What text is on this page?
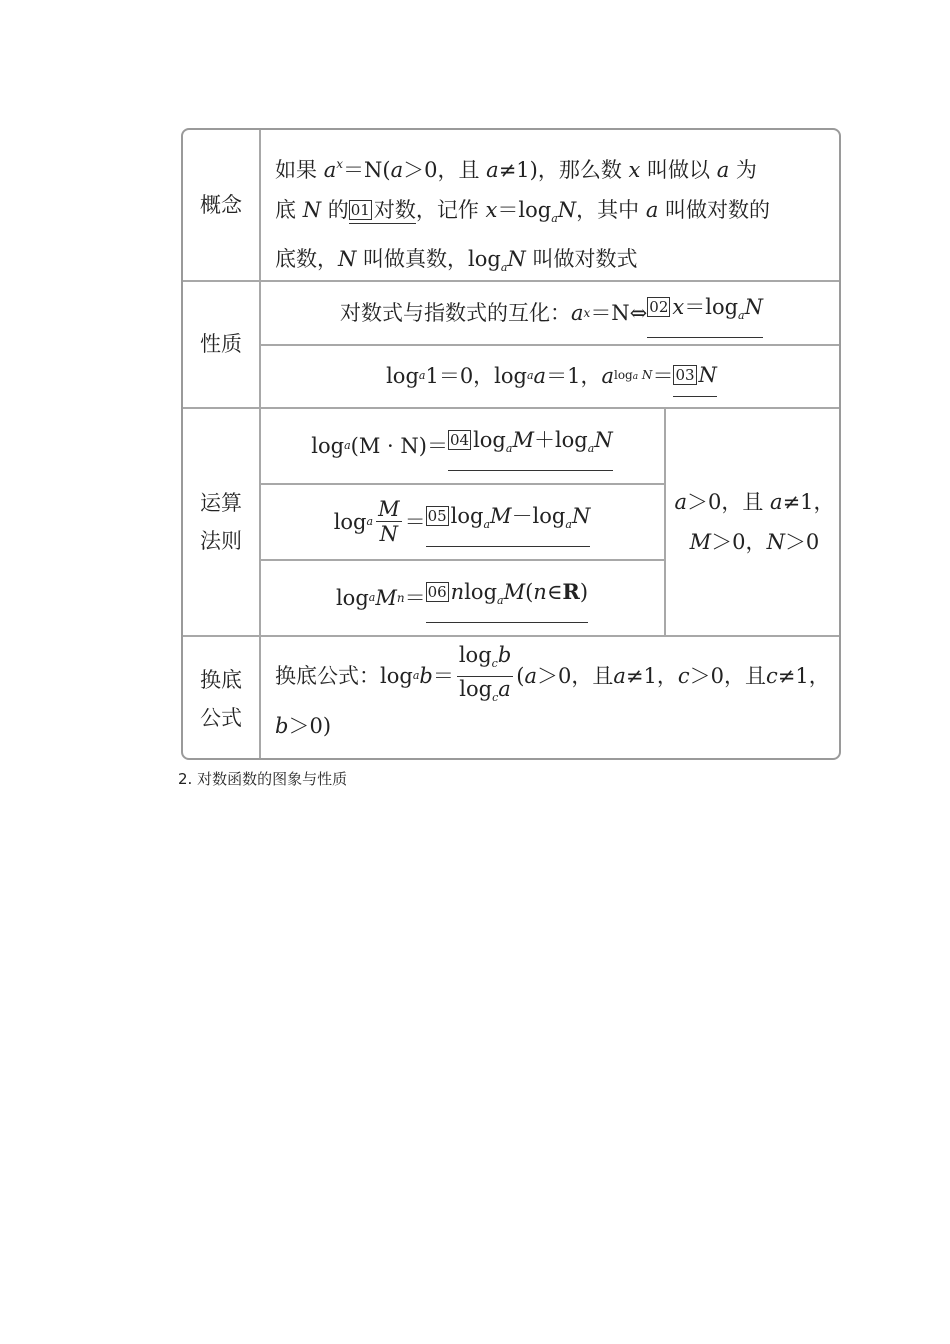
概念
如果 $a^x=N(a>0$，且 a≠1)，那么数 x 叫做以 a 为
底 N 的 01 对数，记作 $x=\log_aN$，其中 a 叫做对数的
底数，N 叫做真数，$\log_aN$ 叫做对数式
性质
对数式与指数式的互化： a x ＝N⇔ 02 $x=\log_aN$
log a 1＝0，log a a ＝1， a loga N ＝ 03 N
运算
法则
log a (M · N)＝ 04 $\log_aM+\log_aN$
log a $\frac{M}{N} = 05$ $\log_aM-\log_aN$
log a M n ＝ 06 nlog$_a$M(n∈R)
a＞0，且 a≠1，
M＞0，N＞0
换底
公式
换底公式：log a $b = \frac{\log_cb}{\log_ca}$ ( a ＞0，且 a ≠1， c ＞0，且 c ≠1，
b＞0)
2. 对数函数的图象与性质
